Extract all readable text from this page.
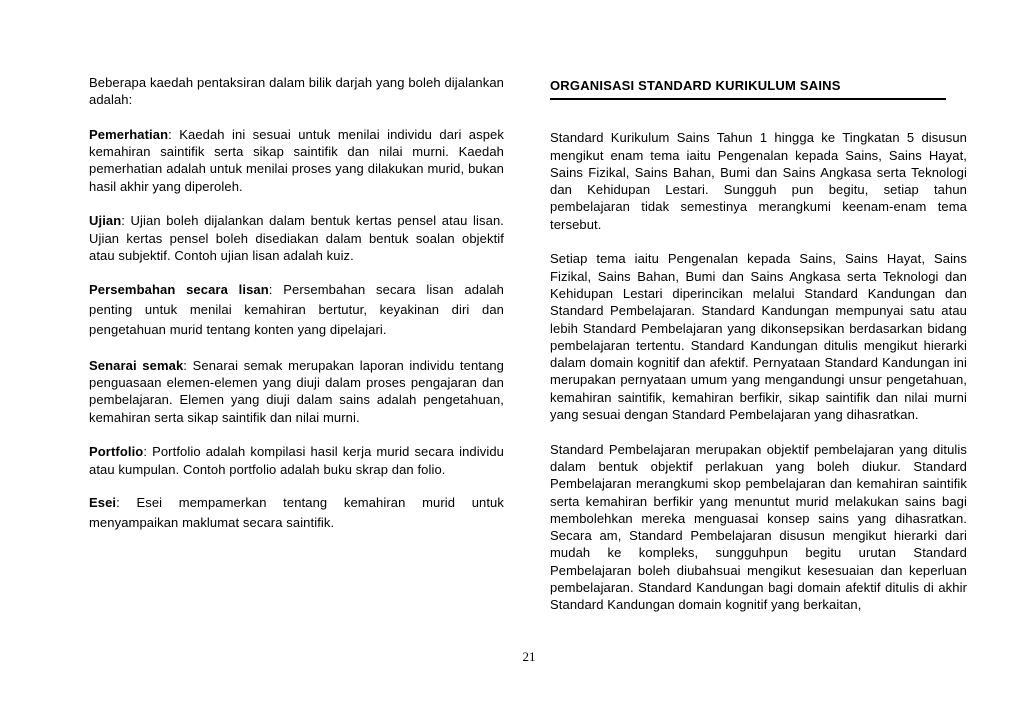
Beberapa kaedah pentaksiran dalam bilik darjah yang boleh dijalankan adalah:

Pemerhatian: Kaedah ini sesuai untuk menilai individu dari aspek kemahiran saintifik serta sikap saintifik dan nilai murni. Kaedah pemerhatian adalah untuk menilai proses yang dilakukan murid, bukan hasil akhir yang diperoleh.

Ujian: Ujian boleh dijalankan dalam bentuk kertas pensel atau lisan. Ujian kertas pensel boleh disediakan dalam bentuk soalan objektif atau subjektif. Contoh ujian lisan adalah kuiz.

Persembahan secara lisan: Persembahan secara lisan adalah penting untuk menilai kemahiran bertutur, keyakinan diri dan pengetahuan murid tentang konten yang dipelajari.

Senarai semak: Senarai semak merupakan laporan individu tentang penguasaan elemen-elemen yang diuji dalam proses pengajaran dan pembelajaran. Elemen yang diuji dalam sains adalah pengetahuan, kemahiran serta sikap saintifik dan nilai murni.

Portfolio: Portfolio adalah kompilasi hasil kerja murid secara individu atau kumpulan. Contoh portfolio adalah buku skrap dan folio.

Esei: Esei mempamerkan tentang kemahiran murid untuk menyampaikan maklumat secara saintifik.

ORGANISASI STANDARD KURIKULUM SAINS

Standard Kurikulum Sains Tahun 1 hingga ke Tingkatan 5 disusun mengikut enam tema iaitu Pengenalan kepada Sains, Sains Hayat, Sains Fizikal, Sains Bahan, Bumi dan Sains Angkasa serta Teknologi dan Kehidupan Lestari. Sungguh pun begitu, setiap tahun pembelajaran tidak semestinya merangkumi keenam-enam tema tersebut.

Setiap tema iaitu Pengenalan kepada Sains, Sains Hayat, Sains Fizikal, Sains Bahan, Bumi dan Sains Angkasa serta Teknologi dan Kehidupan Lestari diperincikan melalui Standard Kandungan dan Standard Pembelajaran. Standard Kandungan mempunyai satu atau lebih Standard Pembelajaran yang dikonsepsikan berdasarkan bidang pembelajaran tertentu. Standard Kandungan ditulis mengikut hierarki dalam domain kognitif dan afektif. Pernyataan Standard Kandungan ini merupakan pernyataan umum yang mengandungi unsur pengetahuan, kemahiran saintifik, kemahiran berfikir, sikap saintifik dan nilai murni yang sesuai dengan Standard Pembelajaran yang dihasratkan.

Standard Pembelajaran merupakan objektif pembelajaran yang ditulis dalam bentuk objektif perlakuan yang boleh diukur. Standard Pembelajaran merangkumi skop pembelajaran dan kemahiran saintifik serta kemahiran berfikir yang menuntut murid melakukan sains bagi membolehkan mereka menguasai konsep sains yang dihasratkan. Secara am, Standard Pembelajaran disusun mengikut hierarki dari mudah ke kompleks, sungguhpun begitu urutan Standard Pembelajaran boleh diubahsuai mengikut kesesuaian dan keperluan pembelajaran. Standard Kandungan bagi domain afektif ditulis di akhir Standard Kandungan domain kognitif yang berkaitan,

21
